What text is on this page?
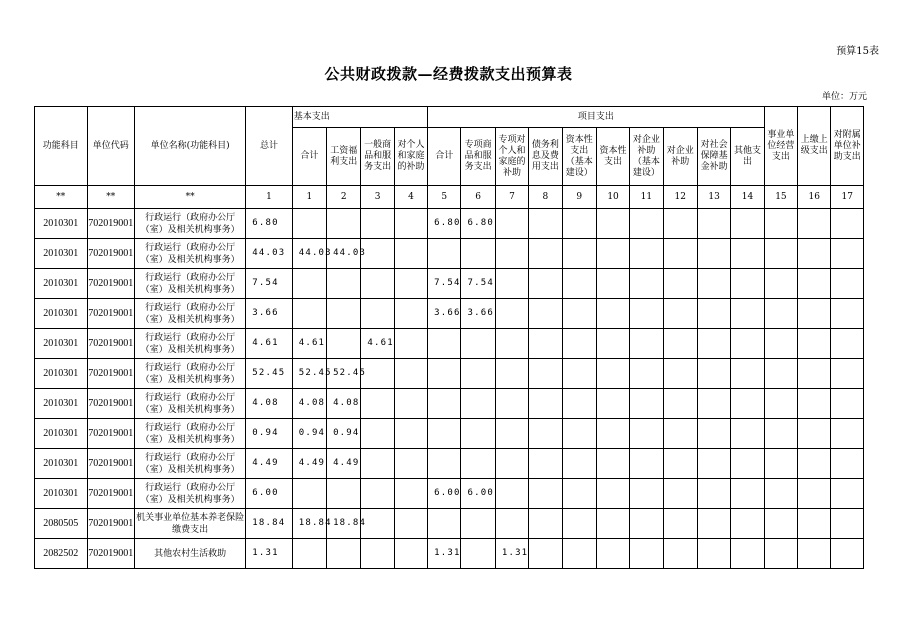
预算15表
公共财政拨款—经费拨款支出预算表
单位：万元
功能科目	单位代码	单位名称(功能科目)	总计	基本支出				项目支出										事业单位经营支出	上缴上级支出	对附属单位补助支出
				合计	工资福利支出	一般商品和服务支出	对个人和家庭的补助	合计	专项商品和服务支出	专项对个人和家庭的补助	债务利息及费用支出	资本性支出（基本建设）	资本性支出	对企业补助（基本建设）	对企业补助	对社会保障基金补助	其他支出			
**	**	**	1	1	2	3	4	5	6	7	8	9	10	11	12	13	14	15	16	17
2010301	702019001	行政运行（政府办公厅（室）及相关机构事务）	6.80					6.80	6.80											
2010301	702019001	行政运行（政府办公厅（室）及相关机构事务）	44.03	44.03	44.03															
2010301	702019001	行政运行（政府办公厅（室）及相关机构事务）	7.54					7.54	7.54											
2010301	702019001	行政运行（政府办公厅（室）及相关机构事务）	3.66					3.66	3.66											
2010301	702019001	行政运行（政府办公厅（室）及相关机构事务）	4.61	4.61		4.61														
2010301	702019001	行政运行（政府办公厅（室）及相关机构事务）	52.45	52.45	52.45															
2010301	702019001	行政运行（政府办公厅（室）及相关机构事务）	4.08	4.08	4.08															
2010301	702019001	行政运行（政府办公厅（室）及相关机构事务）	0.94	0.94	0.94															
2010301	702019001	行政运行（政府办公厅（室）及相关机构事务）	4.49	4.49	4.49															
2010301	702019001	行政运行（政府办公厅（室）及相关机构事务）	6.00					6.00	6.00											
2080505	702019001	机关事业单位基本养老保险缴费支出	18.84	18.84	18.84															
2082502	702019001	其他农村生活救助	1.31					1.31		1.31										
